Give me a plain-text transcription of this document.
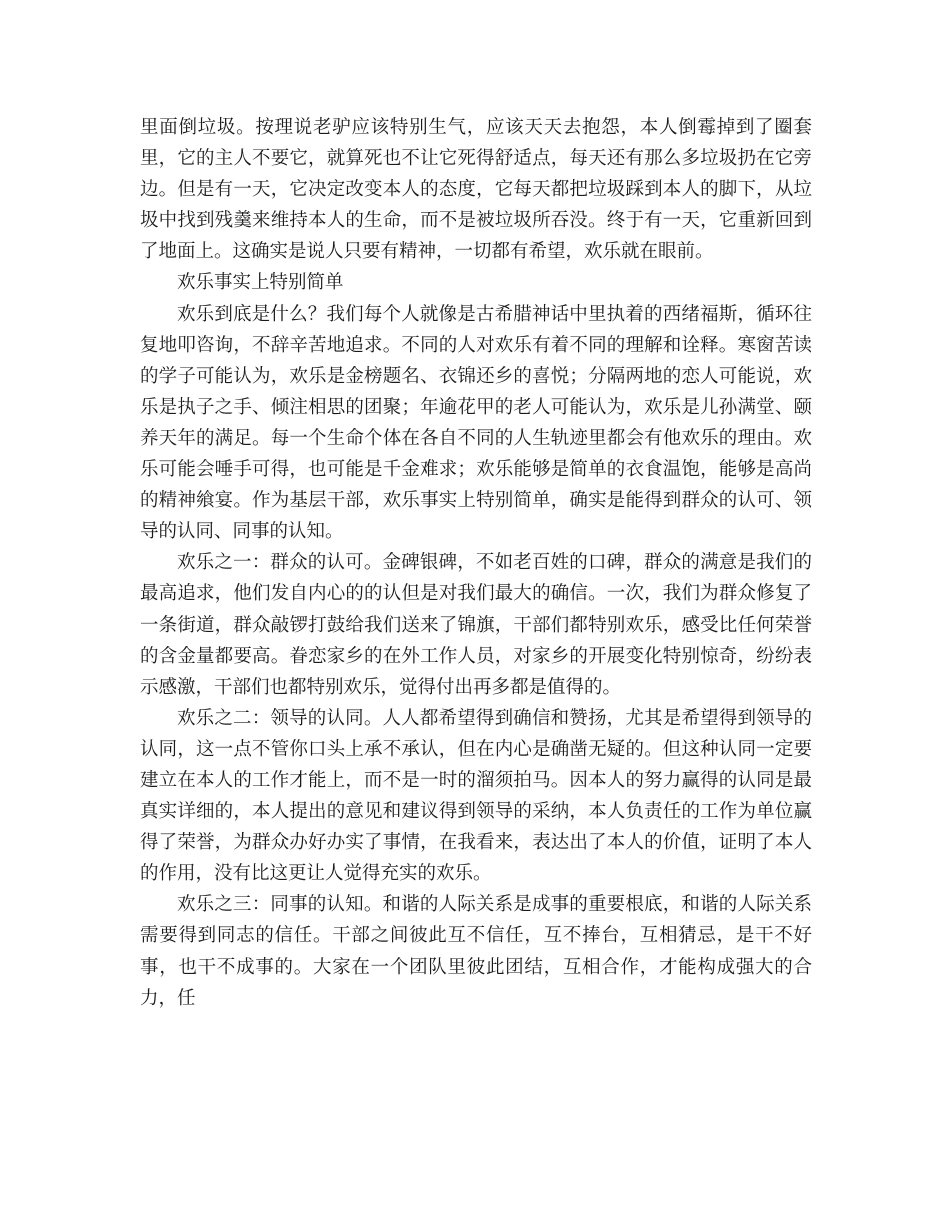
里面倒垃圾。按理说老驴应该特别生气，应该天天去抱怨，本人倒霉掉到了圈套里，它的主人不要它，就算死也不让它死得舒适点，每天还有那么多垃圾扔在它旁边。但是有一天，它决定改变本人的态度，它每天都把垃圾踩到本人的脚下，从垃圾中找到残羹来维持本人的生命，而不是被垃圾所吞没。终于有一天，它重新回到了地面上。这确实是说人只要有精神，一切都有希望，欢乐就在眼前。

欢乐事实上特别简单

欢乐到底是什么？我们每个人就像是古希腊神话中里执着的西绪福斯，循环往复地叩咨询，不辞辛苦地追求。不同的人对欢乐有着不同的理解和诠释。寒窗苦读的学子可能认为，欢乐是金榜题名、衣锦还乡的喜悦；分隔两地的恋人可能说，欢乐是执子之手、倾注相思的团聚；年逾花甲的老人可能认为，欢乐是儿孙满堂、颐养天年的满足。每一个生命个体在各自不同的人生轨迹里都会有他欢乐的理由。欢乐可能会唾手可得，也可能是千金难求；欢乐能够是简单的衣食温饱，能够是高尚的精神飨宴。作为基层干部，欢乐事实上特别简单，确实是能得到群众的认可、领导的认同、同事的认知。

欢乐之一：群众的认可。金碑银碑，不如老百姓的口碑，群众的满意是我们的最高追求，他们发自内心的的认但是对我们最大的确信。一次，我们为群众修复了一条街道，群众敲锣打鼓给我们送来了锦旗，干部们都特别欢乐，感受比任何荣誉的含金量都要高。眷恋家乡的在外工作人员，对家乡的开展变化特别惊奇，纷纷表示感激，干部们也都特别欢乐，觉得付出再多都是值得的。

欢乐之二：领导的认同。人人都希望得到确信和赞扬，尤其是希望得到领导的认同，这一点不管你口头上承不承认，但在内心是确凿无疑的。但这种认同一定要建立在本人的工作才能上，而不是一时的溜须拍马。因本人的努力赢得的认同是最真实详细的，本人提出的意见和建议得到领导的采纳，本人负责任的工作为单位赢得了荣誉，为群众办好办实了事情，在我看来，表达出了本人的价值，证明了本人的作用，没有比这更让人觉得充实的欢乐。

欢乐之三：同事的认知。和谐的人际关系是成事的重要根底，和谐的人际关系需要得到同志的信任。干部之间彼此互不信任，互不捧台，互相猜忌，是干不好事，也干不成事的。大家在一个团队里彼此团结，互相合作，才能构成强大的合力，任
